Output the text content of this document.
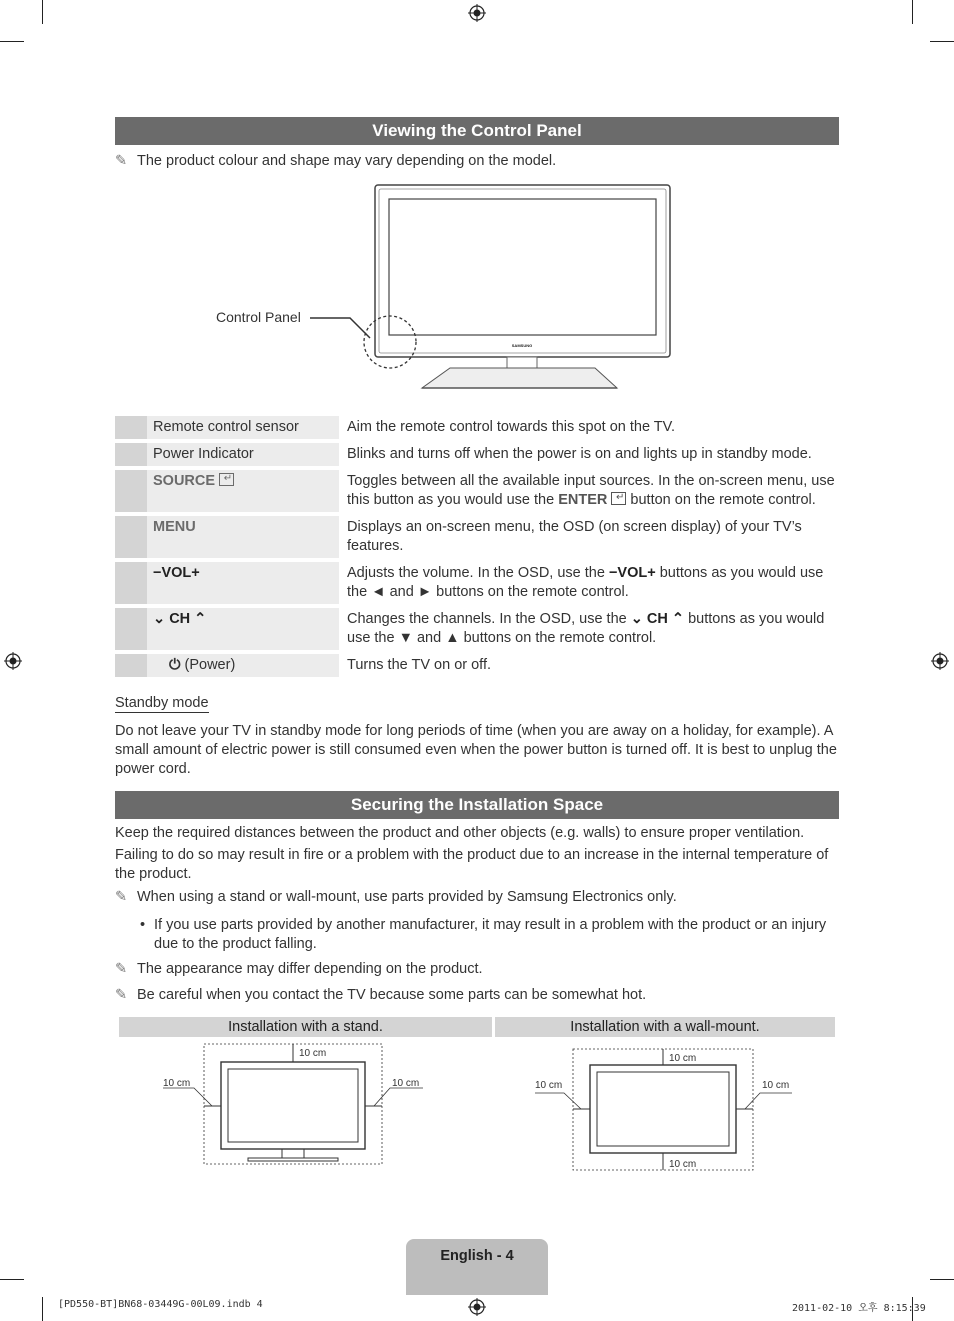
Viewing the Control Panel
✎ The product colour and shape may vary depending on the model.
SAMSUNG
Control Panel
	Remote control sensor	Aim the remote control towards this spot on the TV.
	Power Indicator	Blinks and turns off when the power is on and lights up in standby mode.
	SOURCE ↵	Toggles between all the available input sources. In the on-screen menu, use this button as you would use the ENTER ↵ button on the remote control.
	MENU	Displays an on-screen menu, the OSD (on screen display) of your TV’s features.
	−VOL+	Adjusts the volume. In the OSD, use the −VOL+ buttons as you would use the ◄ and ► buttons on the remote control.
	⌄ CH ⌃	Changes the channels. In the OSD, use the ⌄ CH ⌃ buttons as you would use the ▼ and ▲ buttons on the remote control.
	⏻ (Power)	Turns the TV on or off.
Standby mode
Do not leave your TV in standby mode for long periods of time (when you are away on a holiday, for example). A small amount of electric power is still consumed even when the power button is turned off. It is best to unplug the power cord.
Securing the Installation Space
Keep the required distances between the product and other objects (e.g. walls) to ensure proper ventilation.
Failing to do so may result in fire or a problem with the product due to an increase in the internal temperature of the product.
✎ When using a stand or wall-mount, use parts provided by Samsung Electronics only.
• If you use parts provided by another manufacturer, it may result in a problem with the product or an injury due to the product falling.
✎ The appearance may differ depending on the product.
✎ Be careful when you contact the TV because some parts can be somewhat hot.
Installation with a stand.	Installation with a wall-mount.
10 cm
10 cm	10 cm
10 cm
10 cm
10 cm	10 cm
English - 4
[PD550-BT]BN68-03449G-00L09.indb 4	2011-02-10 오후 8:15:39
